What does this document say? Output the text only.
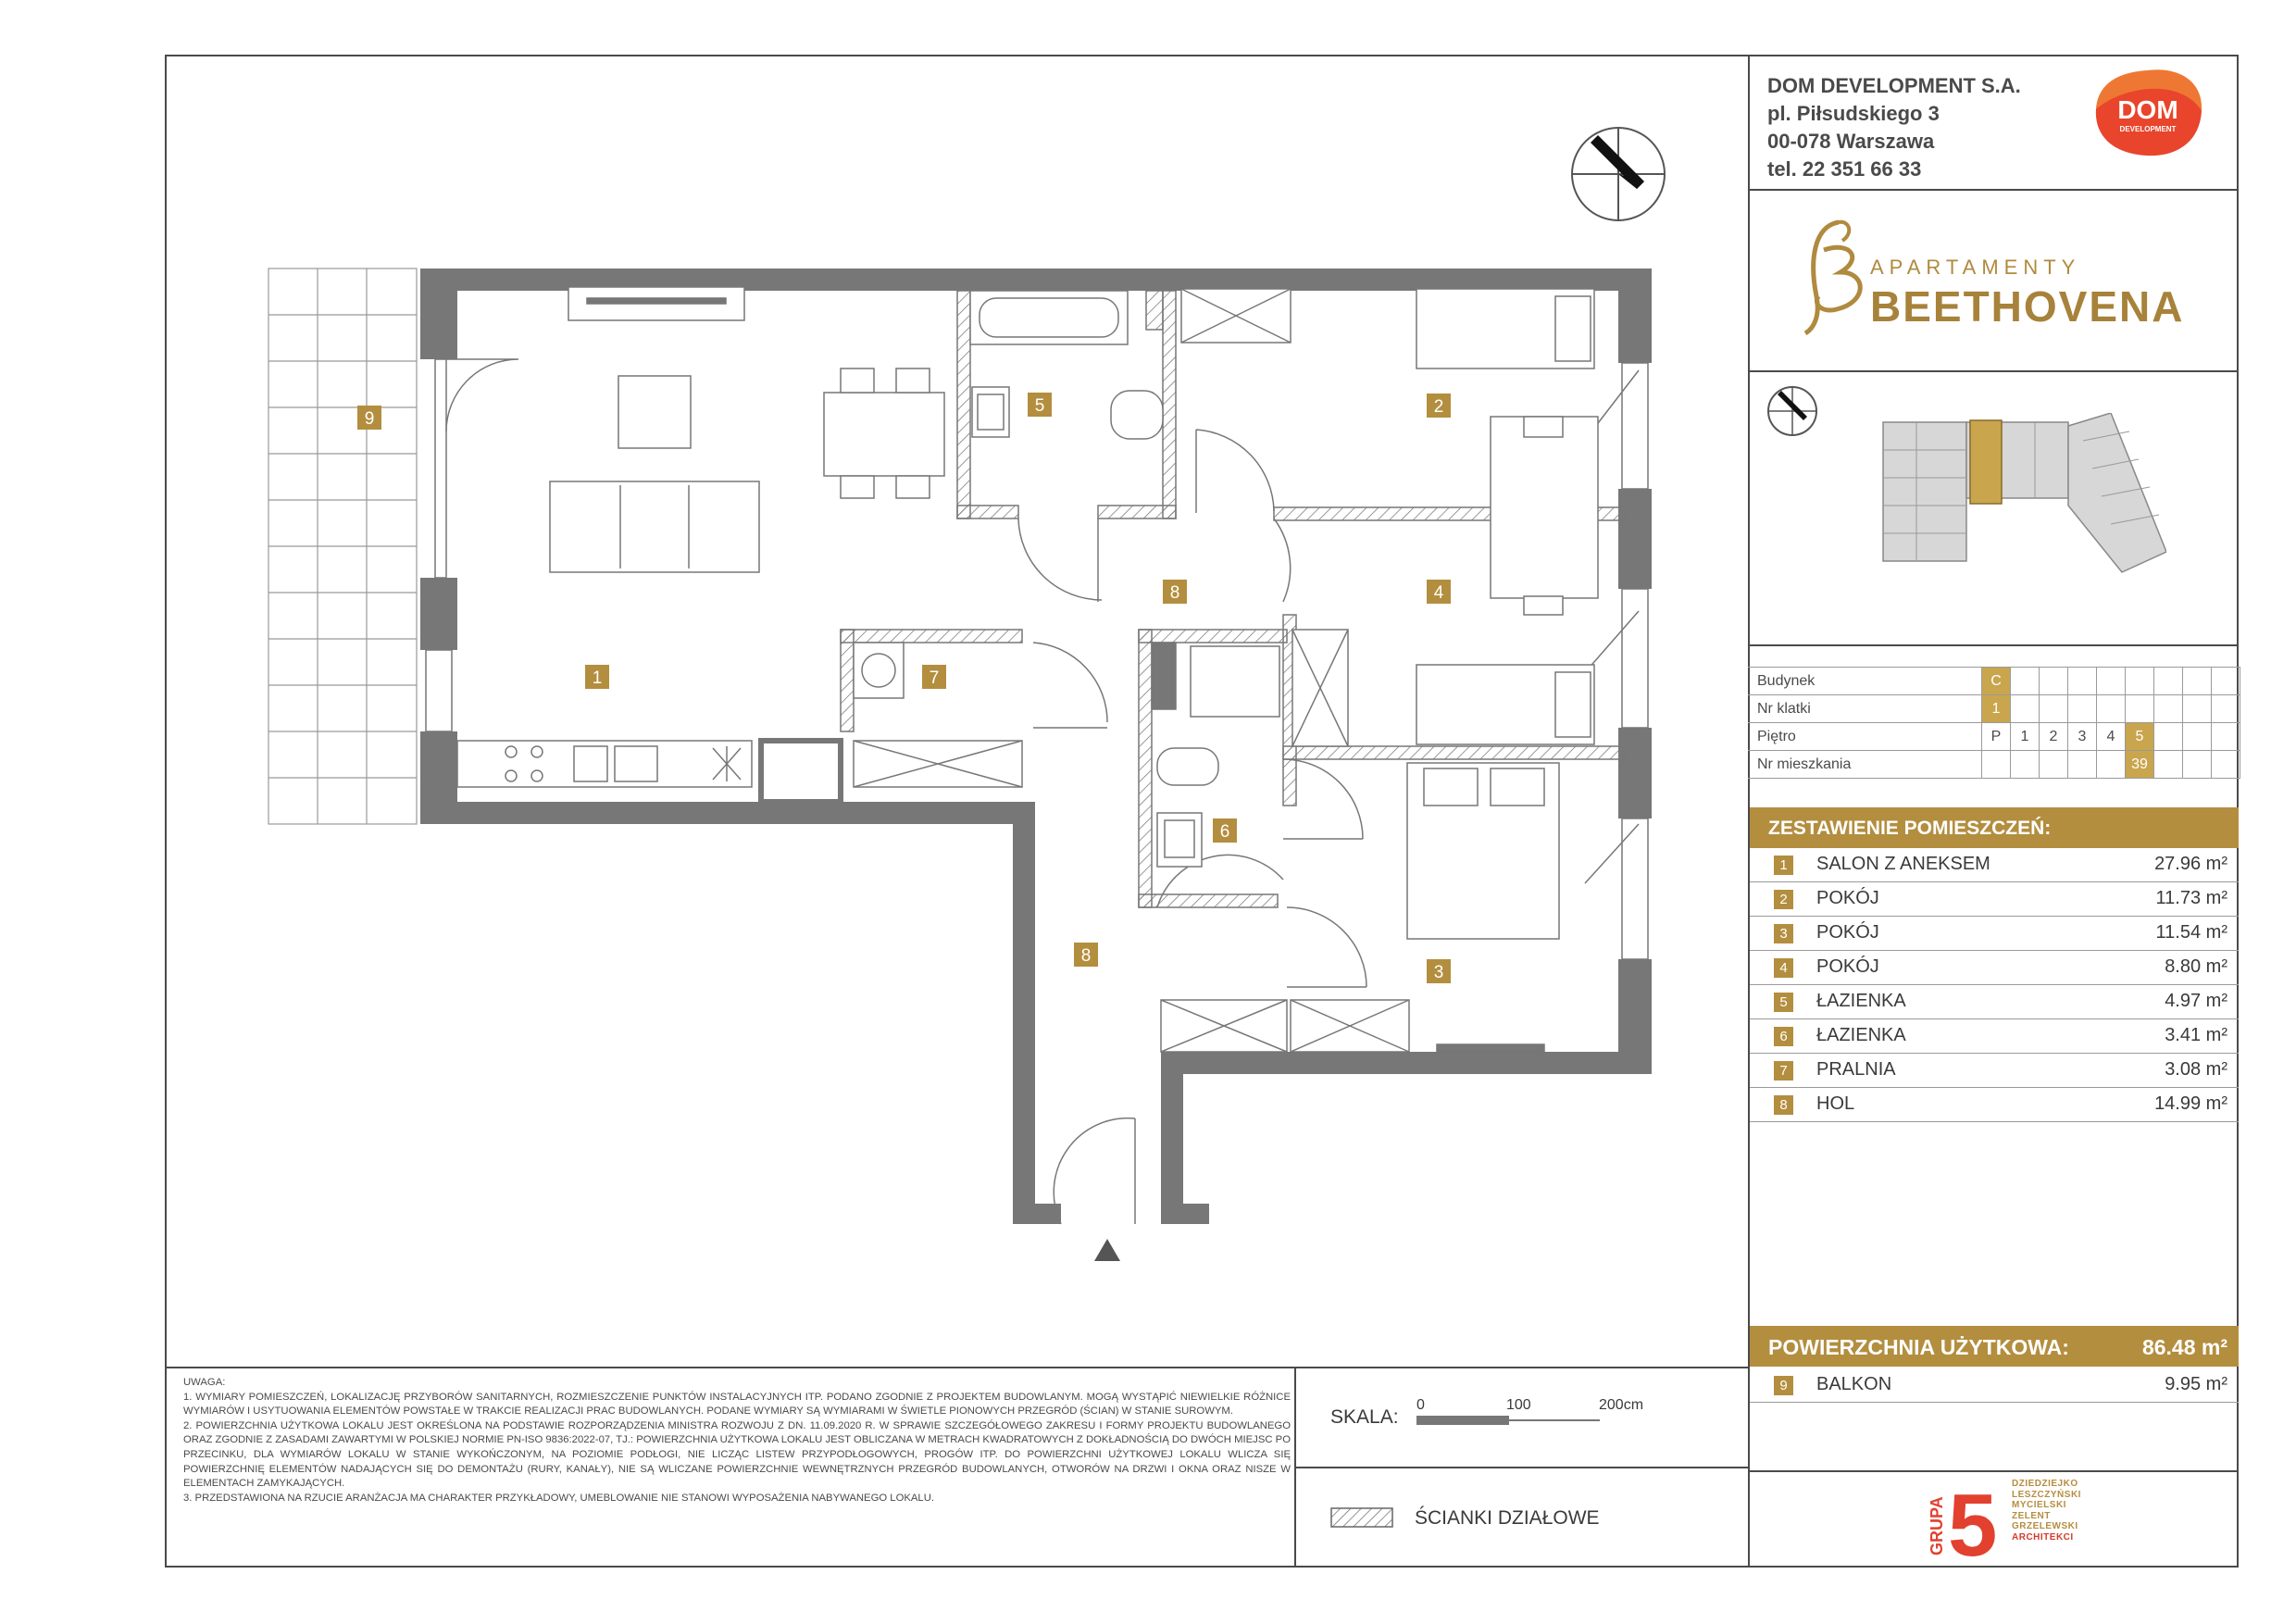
DOM DEVELOPMENT S.A.
pl. Piłsudskiego 3
00-078 Warszawa
tel. 22 351 66 33
DOM
DEVELOPMENT
APARTAMENTY
BEETHOVENA
Budynek	C								
Nr klatki	1								
Piętro	P	1	2	3	4	5			
Nr mieszkania						39			
ZESTAWIENIE POMIESZCZEŃ:
1	SALON Z ANEKSEM	27.96 m²
2	POKÓJ	11.73 m²
3	POKÓJ	11.54 m²
4	POKÓJ	8.80 m²
5	ŁAZIENKA	4.97 m²
6	ŁAZIENKA	3.41 m²
7	PRALNIA	3.08 m²
8	HOL	14.99 m²
POWIERZCHNIA UŻYTKOWA:	86.48 m²
9	BALKON	9.95 m²
GRUPA 5 DZIEDZIEJKO
LESZCZYŃSKI
MYCIELSKI
ZELENT
GRZELEWSKI
ARCHITEKCI

UWAGA:

1. WYMIARY POMIESZCZEŃ, LOKALIZACJĘ PRZYBORÓW SANITARNYCH, ROZMIESZCZENIE PUNKTÓW INSTALACYJNYCH ITP. PODANO ZGODNIE Z PROJEKTEM BUDOWLANYM. MOGĄ WYSTĄPIĆ NIEWIELKIE RÓŻNICE WYMIARÓW I USYTUOWANIA ELEMENTÓW POWSTAŁE W TRAKCIE REALIZACJI PRAC BUDOWLANYCH. PODANE WYMIARY SĄ WYMIARAMI W ŚWIETLE PIONOWYCH PRZEGRÓD (ŚCIAN) W STANIE SUROWYM.

2. POWIERZCHNIA UŻYTKOWA LOKALU JEST OKREŚLONA NA PODSTAWIE ROZPORZĄDZENIA MINISTRA ROZWOJU Z DN. 11.09.2020 R. W SPRAWIE SZCZEGÓŁOWEGO ZAKRESU I FORMY PROJEKTU BUDOWLANEGO ORAZ ZGODNIE Z ZASADAMI ZAWARTYMI W POLSKIEJ NORMIE PN-ISO 9836:2022-07, TJ.: POWIERZCHNIA UŻYTKOWA LOKALU JEST OBLICZANA W METRACH KWADRATOWYCH Z DOKŁADNOŚCIĄ DO DWÓCH MIEJSC PO PRZECINKU, DLA WYMIARÓW LOKALU W STANIE WYKOŃCZONYM, NA POZIOMIE PODŁOGI, NIE LICZĄC LISTEW PRZYPODŁOGOWYCH, PROGÓW ITP. DO POWIERZCHNI UŻYTKOWEJ LOKALU WLICZA SIĘ POWIERZCHNIĘ ELEMENTÓW NADAJĄCYCH SIĘ DO DEMONTAŻU (RURY, KANAŁY), NIE SĄ WLICZANE POWIERZCHNIE WEWNĘTRZNYCH PRZEGRÓD BUDOWLANYCH, OTWORÓW NA DRZWI I OKNA ORAZ NISZE W ELEMENTACH ZAMYKAJĄCYCH.

3. PRZEDSTAWIONA NA RZUCIE ARANŻACJA MA CHARAKTER PRZYKŁADOWY, UMEBLOWANIE NIE STANOWI WYPOSAŻENIA NABYWANEGO LOKALU.

SKALA:
0	100	200cm
ŚCIANKI DZIAŁOWE
9
1
2
3
4
5
6
7
8
8
